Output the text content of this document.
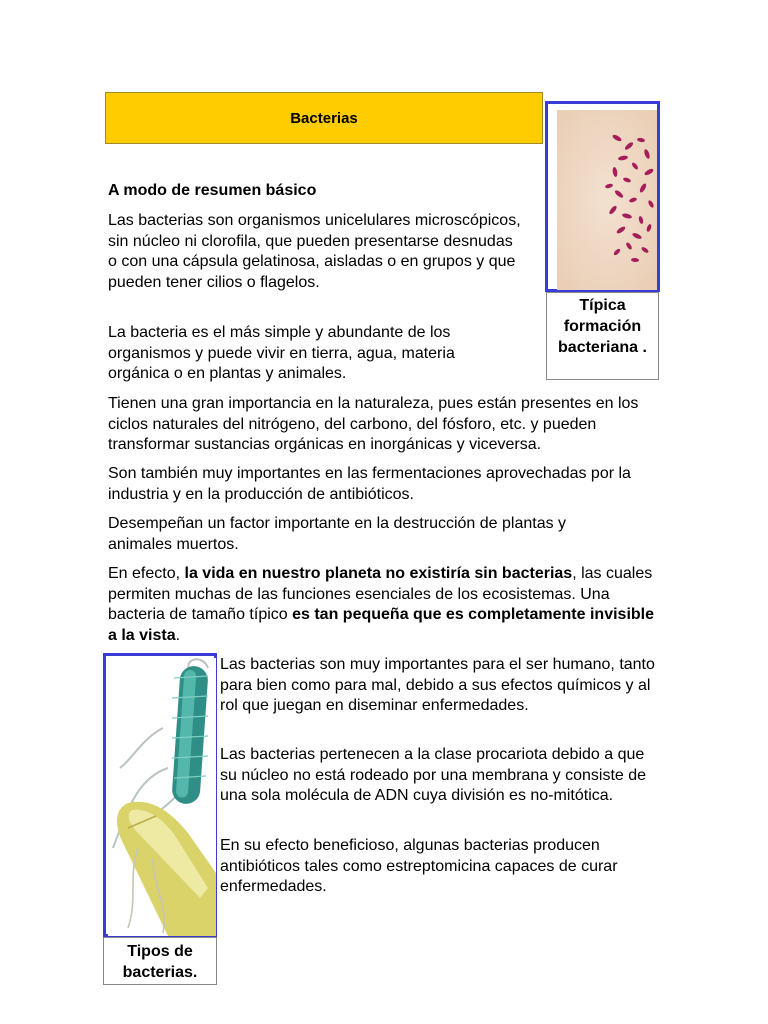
Bacterias
Típica formación bacteriana .
A modo de resumen básico

Las bacterias son organismos unicelulares microscópicos, sin núcleo ni clorofila, que pueden presentarse desnudas o con una cápsula gelatinosa, aisladas o en grupos y que pueden tener cilios o flagelos.

La bacteria es el más simple y abundante de los organismos y puede vivir en tierra, agua, materia orgánica o en plantas y animales.

Tienen una gran importancia en la naturaleza, pues están presentes en los ciclos naturales del nitrógeno, del carbono, del fósforo, etc. y pueden transformar sustancias orgánicas en inorgánicas y viceversa.

Son también muy importantes en las fermentaciones aprovechadas por la industria y en la producción de antibióticos.

Desempeñan un factor importante en la destrucción de plantas y animales muertos.

En efecto, la vida en nuestro planeta no existiría sin bacterias, las cuales permiten muchas de las funciones esenciales de los ecosistemas. Una bacteria de tamaño típico es tan pequeña que es completamente invisible a la vista.

Tipos de bacterias.

Las bacterias son muy importantes para el ser humano, tanto para bien como para mal, debido a sus efectos químicos y al rol que juegan en diseminar enfermedades.

Las bacterias pertenecen a la clase procariota debido a que su núcleo no está rodeado por una membrana y consiste de una sola molécula de ADN cuya división es no-mitótica.

En su efecto beneficioso, algunas bacterias producen antibióticos tales como estreptomicina capaces de curar enfermedades.
